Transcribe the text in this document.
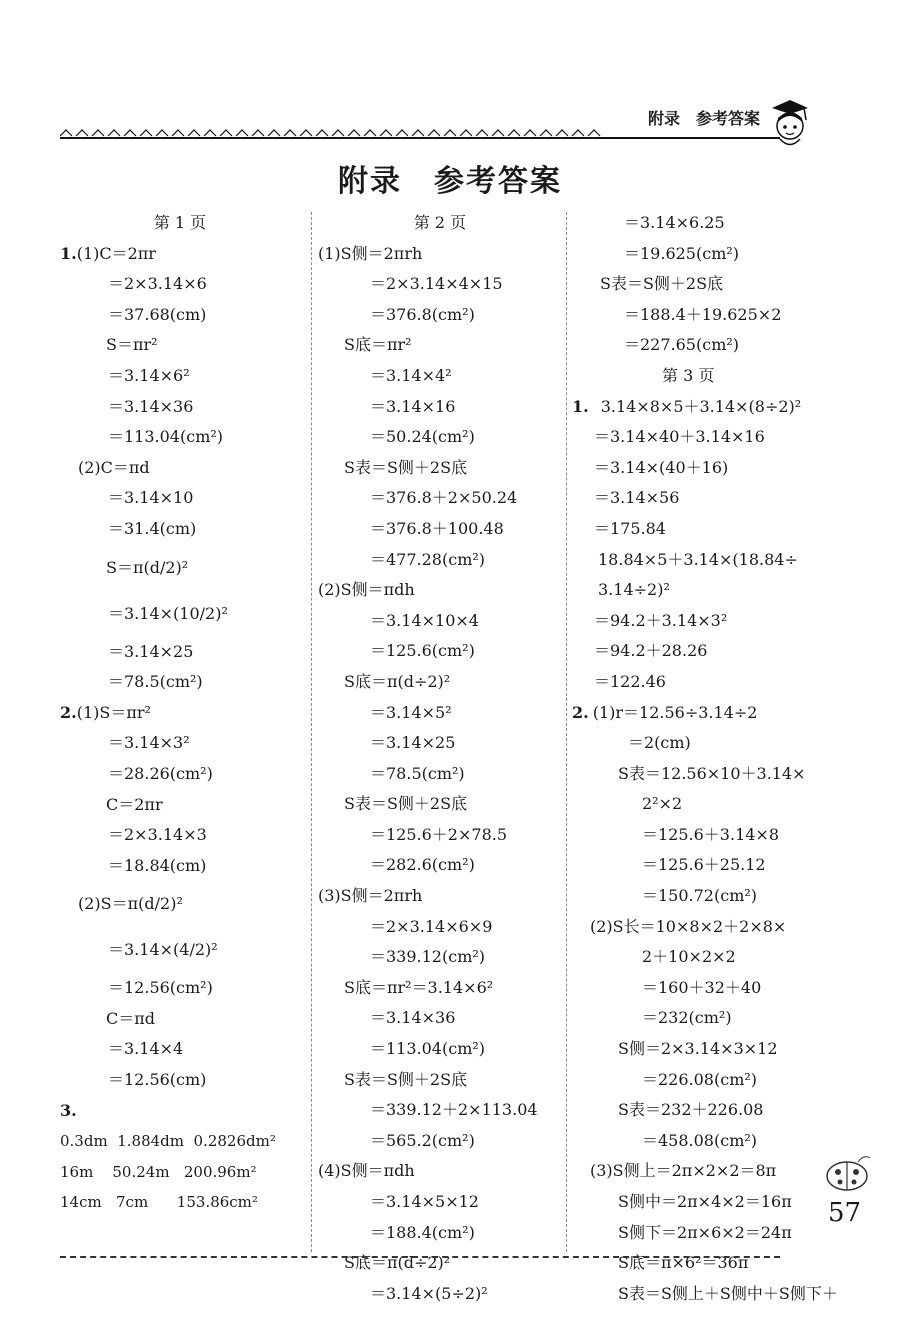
附录　参考答案
附录　参考答案
第 1 页
1.(1)C＝2πr
＝2×3.14×6
＝37.68(cm)
S＝πr²
＝3.14×6²
＝3.14×36
＝113.04(cm²)
(2)C＝πd
＝3.14×10
＝31.4(cm)
S＝π(d/2)²
＝3.14×(10/2)²
＝3.14×25
＝78.5(cm²)
2.(1)S＝πr²
＝3.14×3²
＝28.26(cm²)
C＝2πr
＝2×3.14×3
＝18.84(cm)
(2)S＝π(d/2)²
＝3.14×(4/2)²
＝12.56(cm²)
C＝πd
＝3.14×4
＝12.56(cm)
3.
0.3dm  1.884dm  0.2826dm²
16m    50.24m   200.96m²
14cm   7cm      153.86cm²
第 2 页
(1)S侧＝2πrh
＝2×3.14×4×15
＝376.8(cm²)
S底＝πr²
＝3.14×4²
＝3.14×16
＝50.24(cm²)
S表＝S侧＋2S底
＝376.8＋2×50.24
＝376.8＋100.48
＝477.28(cm²)
(2)S侧＝πdh
＝3.14×10×4
＝125.6(cm²)
S底＝π(d÷2)²
＝3.14×5²
＝3.14×25
＝78.5(cm²)
S表＝S侧＋2S底
＝125.6＋2×78.5
＝282.6(cm²)
(3)S侧＝2πrh
＝2×3.14×6×9
＝339.12(cm²)
S底＝πr²＝3.14×6²
＝3.14×36
＝113.04(cm²)
S表＝S侧＋2S底
＝339.12＋2×113.04
＝565.2(cm²)
(4)S侧＝πdh
＝3.14×5×12
＝188.4(cm²)
S底＝π(d÷2)²
＝3.14×(5÷2)²
＝3.14×6.25
＝19.625(cm²)
S表＝S侧＋2S底
＝188.4＋19.625×2
＝227.65(cm²)
第 3 页
1. 3.14×8×5＋3.14×(8÷2)²
＝3.14×40＋3.14×16
＝3.14×(40＋16)
＝3.14×56
＝175.84
18.84×5＋3.14×(18.84÷
3.14÷2)²
＝94.2＋3.14×3²
＝94.2＋28.26
＝122.46
2. (1)r＝12.56÷3.14÷2
＝2(cm)
S表＝12.56×10＋3.14×
2²×2
＝125.6＋3.14×8
＝125.6＋25.12
＝150.72(cm²)
(2)S长＝10×8×2＋2×8×
2＋10×2×2
＝160＋32＋40
＝232(cm²)
S侧＝2×3.14×3×12
＝226.08(cm²)
S表＝232＋226.08
＝458.08(cm²)
(3)S侧上＝2π×2×2＝8π
S侧中＝2π×4×2＝16π
S侧下＝2π×6×2＝24π
S底＝π×6²＝36π
S表＝S侧上＋S侧中＋S侧下＋
57
